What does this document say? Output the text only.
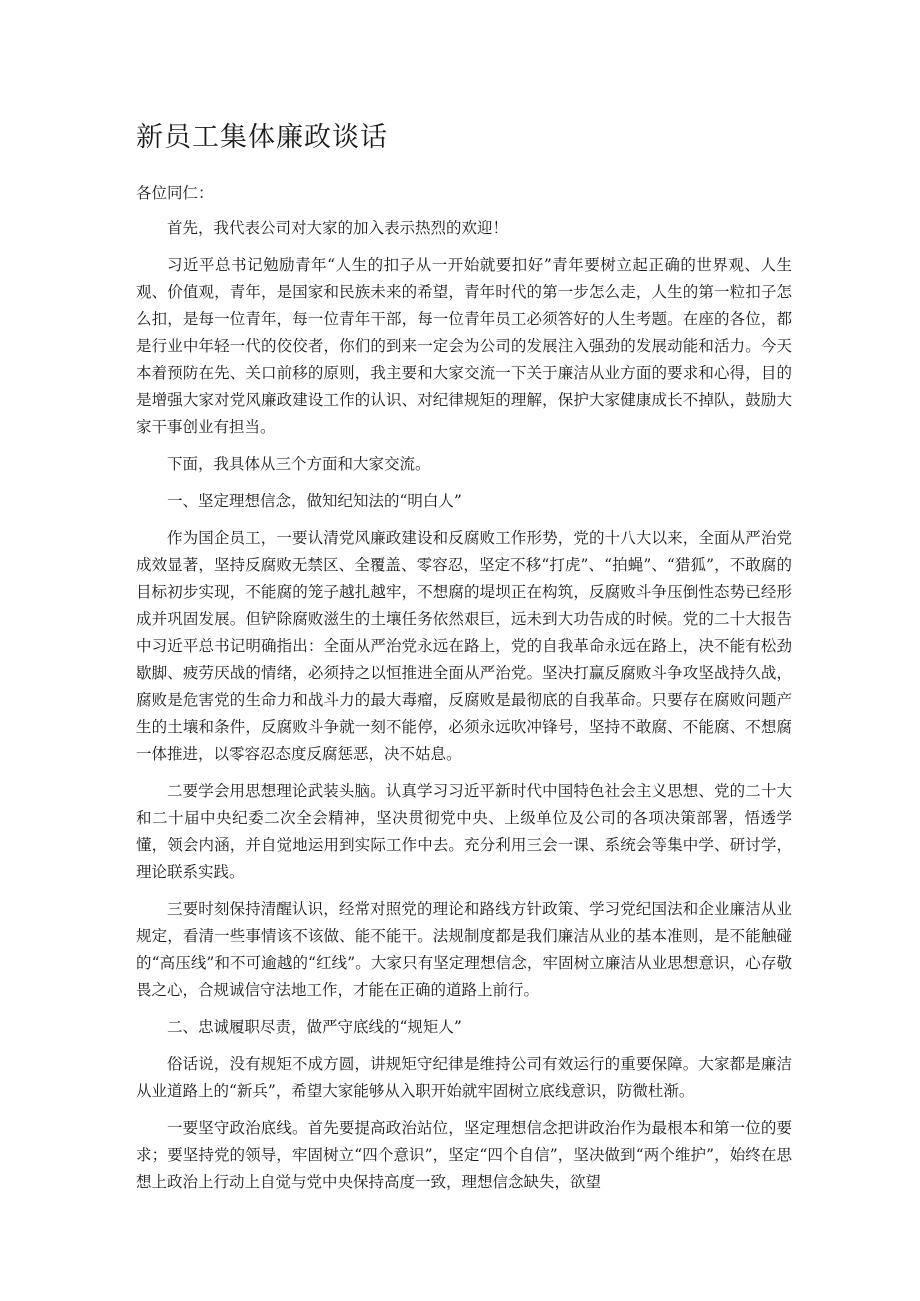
新员工集体廉政谈话

各位同仁：

首先，我代表公司对大家的加入表示热烈的欢迎！

习近平总书记勉励青年“人生的扣子从一开始就要扣好”青年要树立起正确的世界观、人生观、价值观，青年，是国家和民族未来的希望，青年时代的第一步怎么走，人生的第一粒扣子怎么扣，是每一位青年，每一位青年干部，每一位青年员工必须答好的人生考题。在座的各位，都是行业中年轻一代的佼佼者，你们的到来一定会为公司的发展注入强劲的发展动能和活力。今天本着预防在先、关口前移的原则，我主要和大家交流一下关于廉洁从业方面的要求和心得，目的是增强大家对党风廉政建设工作的认识、对纪律规矩的理解，保护大家健康成长不掉队，鼓励大家干事创业有担当。

下面，我具体从三个方面和大家交流。

一、坚定理想信念，做知纪知法的“明白人”

作为国企员工，一要认清党风廉政建设和反腐败工作形势，党的十八大以来，全面从严治党成效显著，坚持反腐败无禁区、全覆盖、零容忍，坚定不移“打虎”、“拍蝇”、“猎狐”，不敢腐的目标初步实现，不能腐的笼子越扎越牢，不想腐的堤坝正在构筑，反腐败斗争压倒性态势已经形成并巩固发展。但铲除腐败滋生的土壤任务依然艰巨，远未到大功告成的时候。党的二十大报告中习近平总书记明确指出：全面从严治党永远在路上，党的自我革命永远在路上，决不能有松劲歇脚、疲劳厌战的情绪，必须持之以恒推进全面从严治党。坚决打赢反腐败斗争攻坚战持久战，腐败是危害党的生命力和战斗力的最大毒瘤，反腐败是最彻底的自我革命。只要存在腐败问题产生的土壤和条件，反腐败斗争就一刻不能停，必须永远吹冲锋号，坚持不敢腐、不能腐、不想腐一体推进，以零容忍态度反腐惩恶，决不姑息。

二要学会用思想理论武装头脑。认真学习习近平新时代中国特色社会主义思想、党的二十大和二十届中央纪委二次全会精神，坚决贯彻党中央、上级单位及公司的各项决策部署，悟透学懂，领会内涵，并自觉地运用到实际工作中去。充分利用三会一课、系统会等集中学、研讨学，理论联系实践。

三要时刻保持清醒认识，经常对照党的理论和路线方针政策、学习党纪国法和企业廉洁从业规定，看清一些事情该不该做、能不能干。法规制度都是我们廉洁从业的基本准则，是不能触碰的“高压线”和不可逾越的“红线”。大家只有坚定理想信念，牢固树立廉洁从业思想意识，心存敬畏之心，合规诚信守法地工作，才能在正确的道路上前行。

二、忠诚履职尽责，做严守底线的“规矩人”

俗话说，没有规矩不成方圆，讲规矩守纪律是维持公司有效运行的重要保障。大家都是廉洁从业道路上的“新兵”，希望大家能够从入职开始就牢固树立底线意识，防微杜渐。

一要坚守政治底线。首先要提高政治站位，坚定理想信念把讲政治作为最根本和第一位的要求；要坚持党的领导，牢固树立“四个意识”，坚定“四个自信”，坚决做到“两个维护”，始终在思想上政治上行动上自觉与党中央保持高度一致，理想信念缺失，欲望
